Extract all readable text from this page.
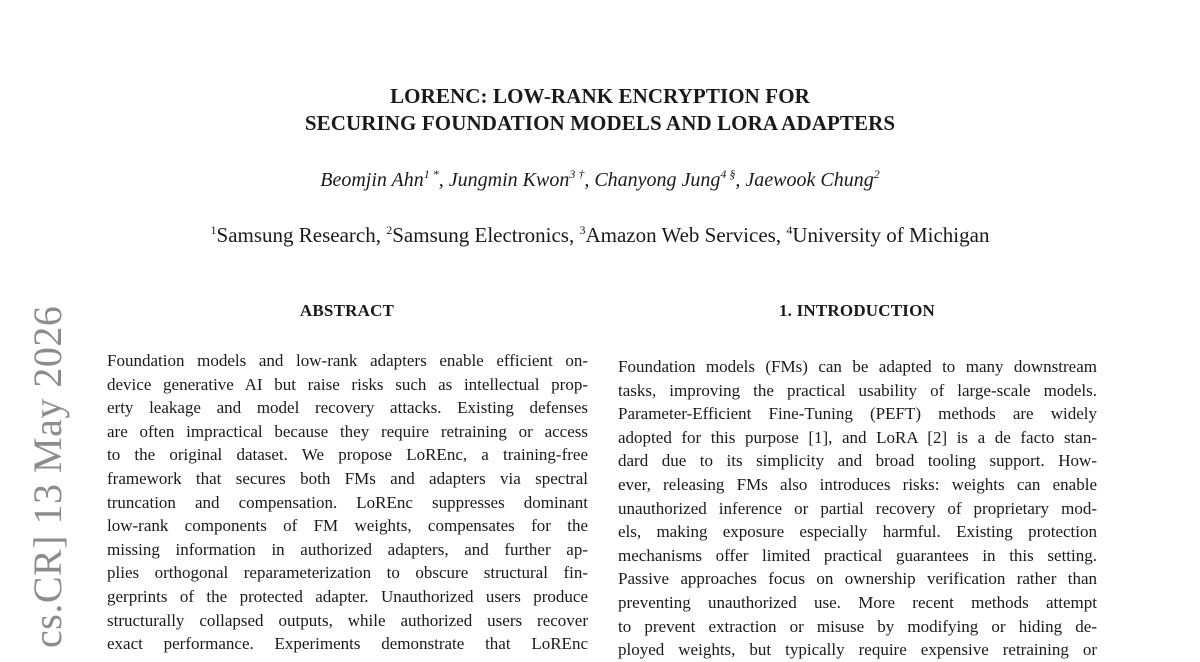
cs.CR] 13 May 2026
LORENC: LOW-RANK ENCRYPTION FOR
SECURING FOUNDATION MODELS AND LORA ADAPTERS
Beomjin Ahn$^{1 *}$, Jungmin Kwon$^{3 \dagger}$, Chanyong Jung$^{4 \S}$, Jaewook Chung$^2$
$^1$Samsung Research, $^2$Samsung Electronics, $^3$Amazon Web Services, $^4$University of Michigan
ABSTRACT	1. INTRODUCTION
Foundation models and low-rank adapters enable efficient on-
device generative AI but raise risks such as intellectual prop-
erty leakage and model recovery attacks. Existing defenses
are often impractical because they require retraining or access
to the original dataset. We propose LoREnc, a training-free
framework that secures both FMs and adapters via spectral
truncation and compensation. LoREnc suppresses dominant
low-rank components of FM weights, compensates for the
missing information in authorized adapters, and further ap-
plies orthogonal reparameterization to obscure structural fin-
gerprints of the protected adapter. Unauthorized users produce
structurally collapsed outputs, while authorized users recover
exact performance. Experiments demonstrate that LoREnc
Foundation models (FMs) can be adapted to many downstream
tasks, improving the practical usability of large-scale models.
Parameter-Efficient Fine-Tuning (PEFT) methods are widely
adopted for this purpose [1], and LoRA [2] is a de facto stan-
dard due to its simplicity and broad tooling support. How-
ever, releasing FMs also introduces risks: weights can enable
unauthorized inference or partial recovery of proprietary mod-
els, making exposure especially harmful. Existing protection
mechanisms offer limited practical guarantees in this setting.
Passive approaches focus on ownership verification rather than
preventing unauthorized use. More recent methods attempt
to prevent extraction or misuse by modifying or hiding de-
ployed weights, but typically require expensive retraining or
